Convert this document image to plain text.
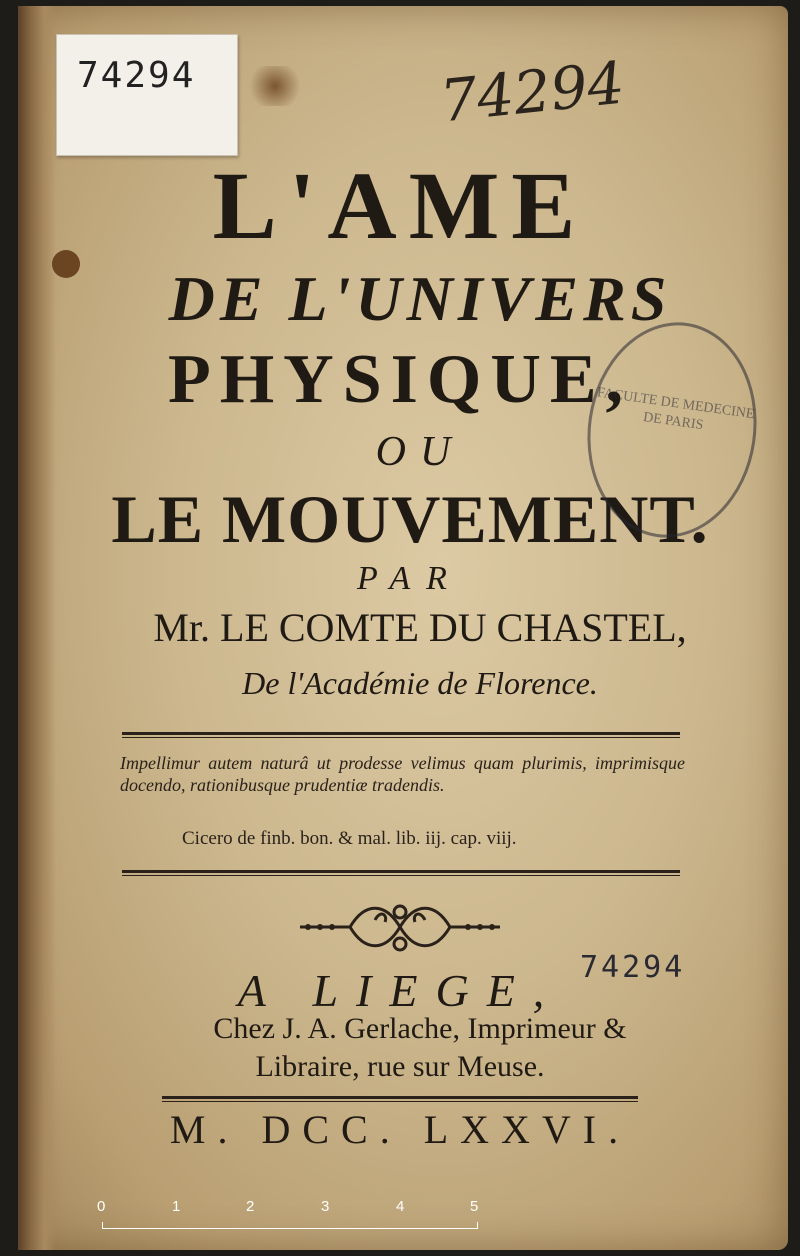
74294	74294
L'AME
DE L'UNIVERS
PHYSIQUE,
OU
LE MOUVEMENT.
FACULTE DE MEDECINE DE PARIS
PAR
Mr. LE COMTE DU CHASTEL,
De l'Académie de Florence.
Impellimur autem naturâ ut prodesse velimus quam plurimis, imprimisque docendo, rationibusque prudentiæ tradendis.
Cicero de finb. bon. & mal. lib. iij. cap. viij.
A LIEGE, 74294
Chez J. A. Gerlache, Imprimeur &
Libraire, rue sur Meuse.
M. DCC. LXXVI.
0	1	2	3	4	5
